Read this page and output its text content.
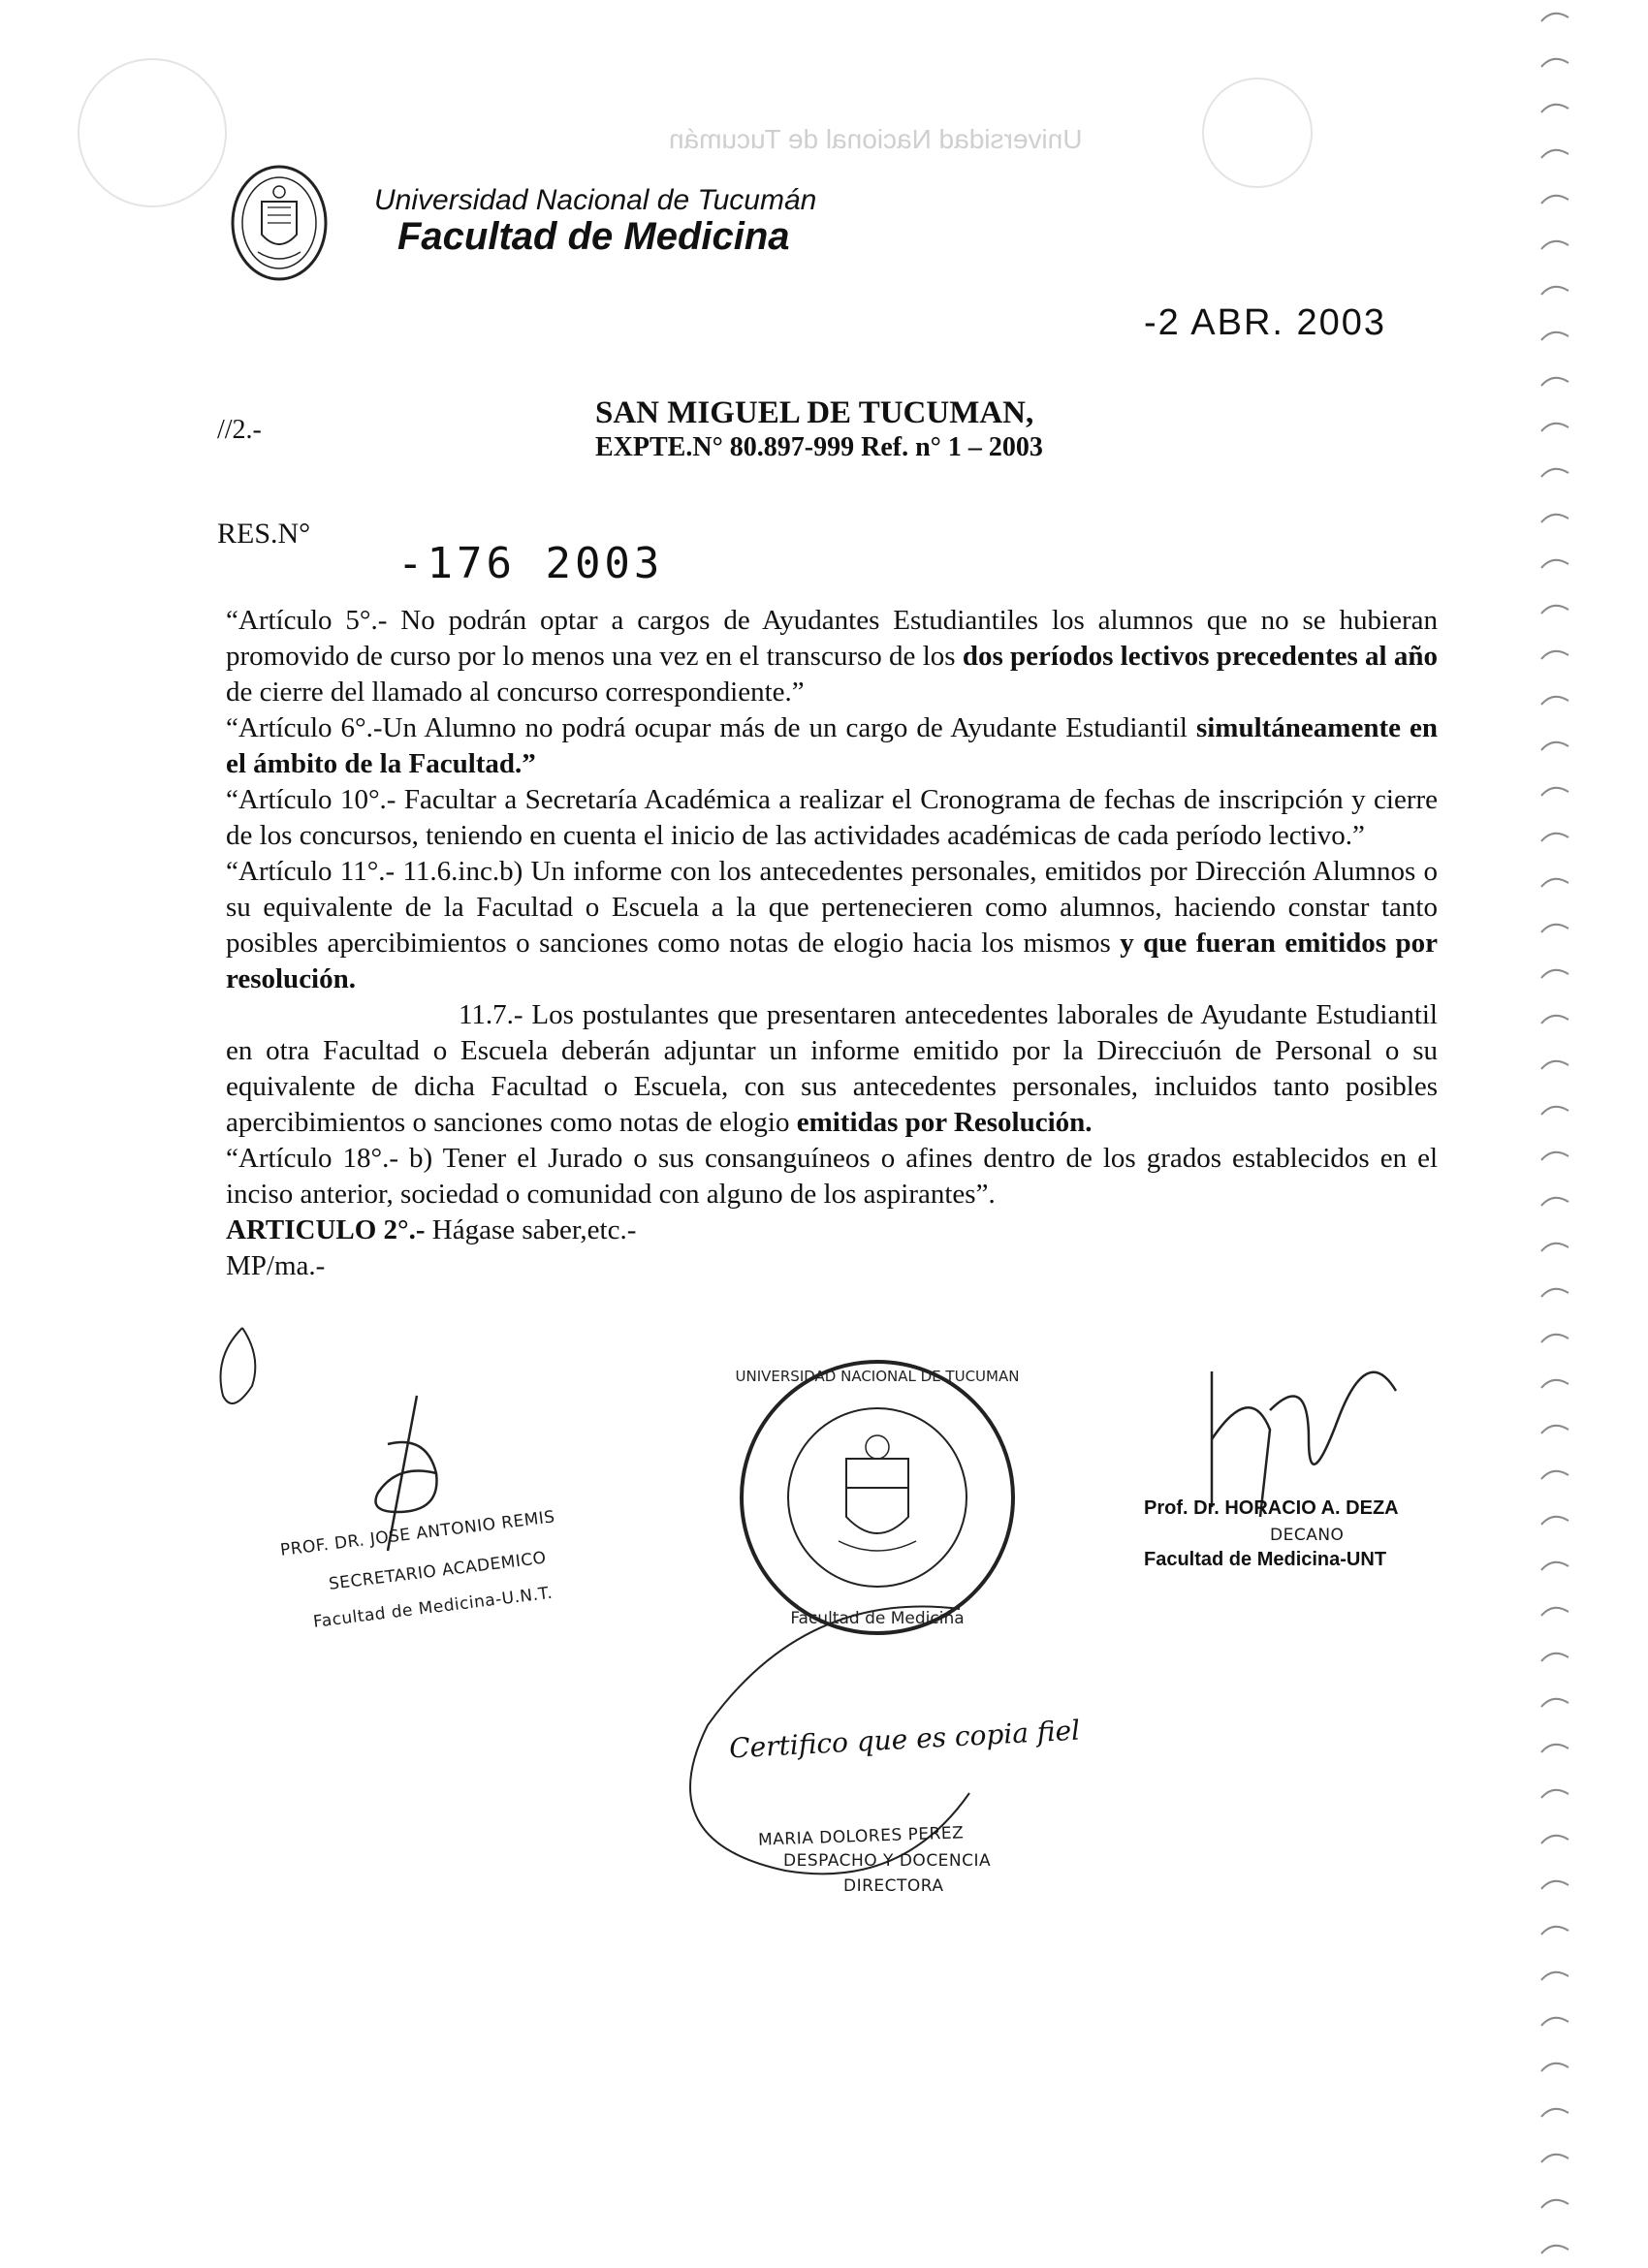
Universidad Nacional de Tucumán
Universidad Nacional de Tucumán
Facultad de Medicina
-2 ABR. 2003
//2.-	SAN MIGUEL DE TUCUMAN,
EXPTE.N° 80.897-999 Ref. n° 1 – 2003
RES.N°
-176 2003

“Artículo 5°.- No podrán optar a cargos de Ayudantes Estudiantiles los alumnos que no se hubieran promovido de curso por lo menos una vez en el transcurso de los dos períodos lectivos precedentes al año de cierre del llamado al concurso correspondiente.”

“Artículo 6°.-Un Alumno no podrá ocupar más de un cargo de Ayudante Estudiantil simultáneamente en el ámbito de la Facultad.”

“Artículo 10°.- Facultar a Secretaría Académica a realizar el Cronograma de fechas de inscripción y cierre de los concursos, teniendo en cuenta el inicio de las actividades académicas de cada período lectivo.”

“Artículo 11°.- 11.6.inc.b) Un informe con los antecedentes personales, emitidos por Dirección Alumnos o su equivalente de la Facultad o Escuela a la que pertenecieren como alumnos, haciendo constar tanto posibles apercibimientos o sanciones como notas de elogio hacia los mismos y que fueran emitidos por resolución.

11.7.- Los postulantes que presentaren antecedentes laborales de Ayudante Estudiantil en otra Facultad o Escuela deberán adjuntar un informe emitido por la Direcciuón de Personal o su equivalente de dicha Facultad o Escuela, con sus antecedentes personales, incluidos tanto posibles apercibimientos o sanciones como notas de elogio emitidas por Resolución.

“Artículo 18°.- b) Tener el Jurado o sus consanguíneos o afines dentro de los grados establecidos en el inciso anterior, sociedad o comunidad con alguno de los aspirantes”.

ARTICULO 2°.- Hágase saber,etc.-

MP/ma.-

PROF. DR. JOSE ANTONIO REMIS
SECRETARIO ACADEMICO
Facultad de Medicina-U.N.T.
UNIVERSIDAD NACIONAL DE TUCUMAN
Facultad de Medicina
Prof. Dr. HORACIO A. DEZA
DECANO
Facultad de Medicina-UNT
Certifico que es copia fiel
MARIA DOLORES PEREZ
DESPACHO Y DOCENCIA
DIRECTORA
